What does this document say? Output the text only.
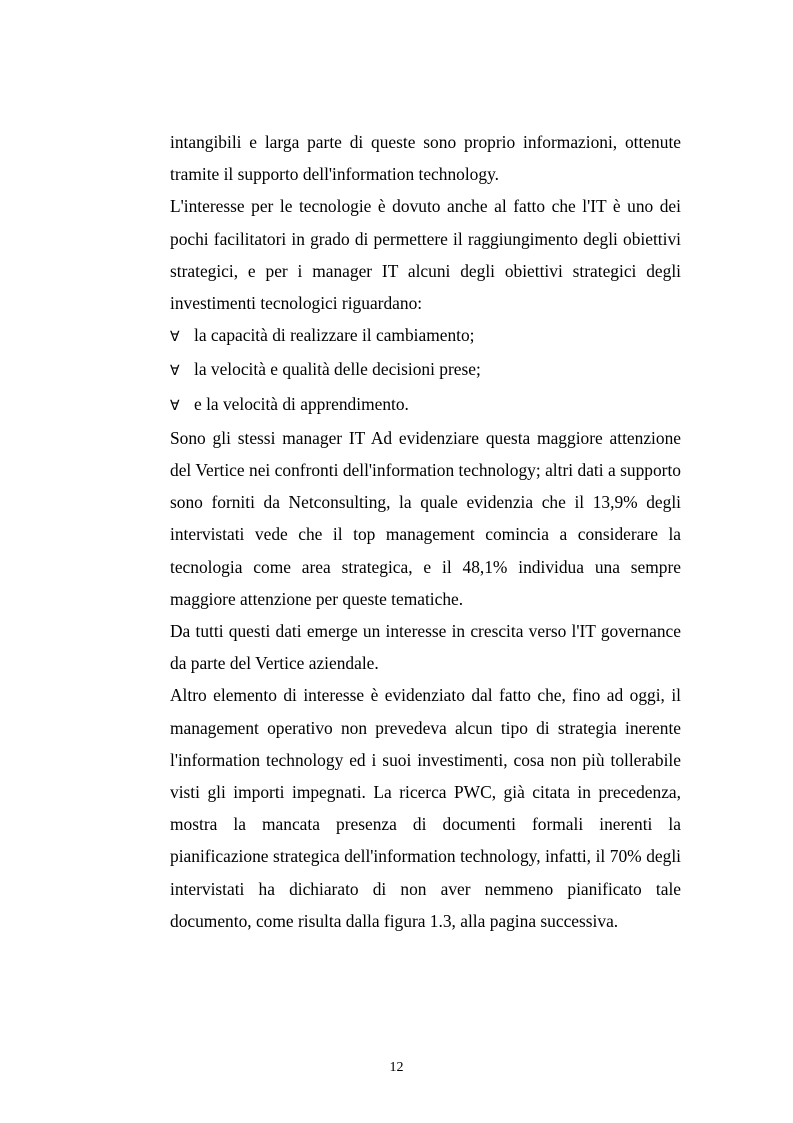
intangibili e larga parte di queste sono proprio informazioni, ottenute tramite il supporto dell'information technology.

L'interesse per le tecnologie è dovuto anche al fatto che l'IT è uno dei pochi facilitatori in grado di permettere il raggiungimento degli obiettivi strategici, e per i manager IT alcuni degli obiettivi strategici degli investimenti tecnologici riguardano:

∀ la capacità di realizzare il cambiamento;
∀ la velocità e qualità delle decisioni prese;
∀ e la velocità di apprendimento.

Sono gli stessi manager IT Ad evidenziare questa maggiore attenzione del Vertice nei confronti dell'information technology; altri dati a supporto sono forniti da Netconsulting, la quale evidenzia che il 13,9% degli intervistati vede che il top management comincia a considerare la tecnologia come area strategica, e il 48,1% individua una sempre maggiore attenzione per queste tematiche.

Da tutti questi dati emerge un interesse in crescita verso l'IT governance da parte del Vertice aziendale.

Altro elemento di interesse è evidenziato dal fatto che, fino ad oggi, il management operativo non prevedeva alcun tipo di strategia inerente l'information technology ed i suoi investimenti, cosa non più tollerabile visti gli importi impegnati. La ricerca PWC, già citata in precedenza, mostra la mancata presenza di documenti formali inerenti la pianificazione strategica dell'information technology, infatti, il 70% degli intervistati ha dichiarato di non aver nemmeno pianificato tale documento, come risulta dalla figura 1.3, alla pagina successiva.

12
